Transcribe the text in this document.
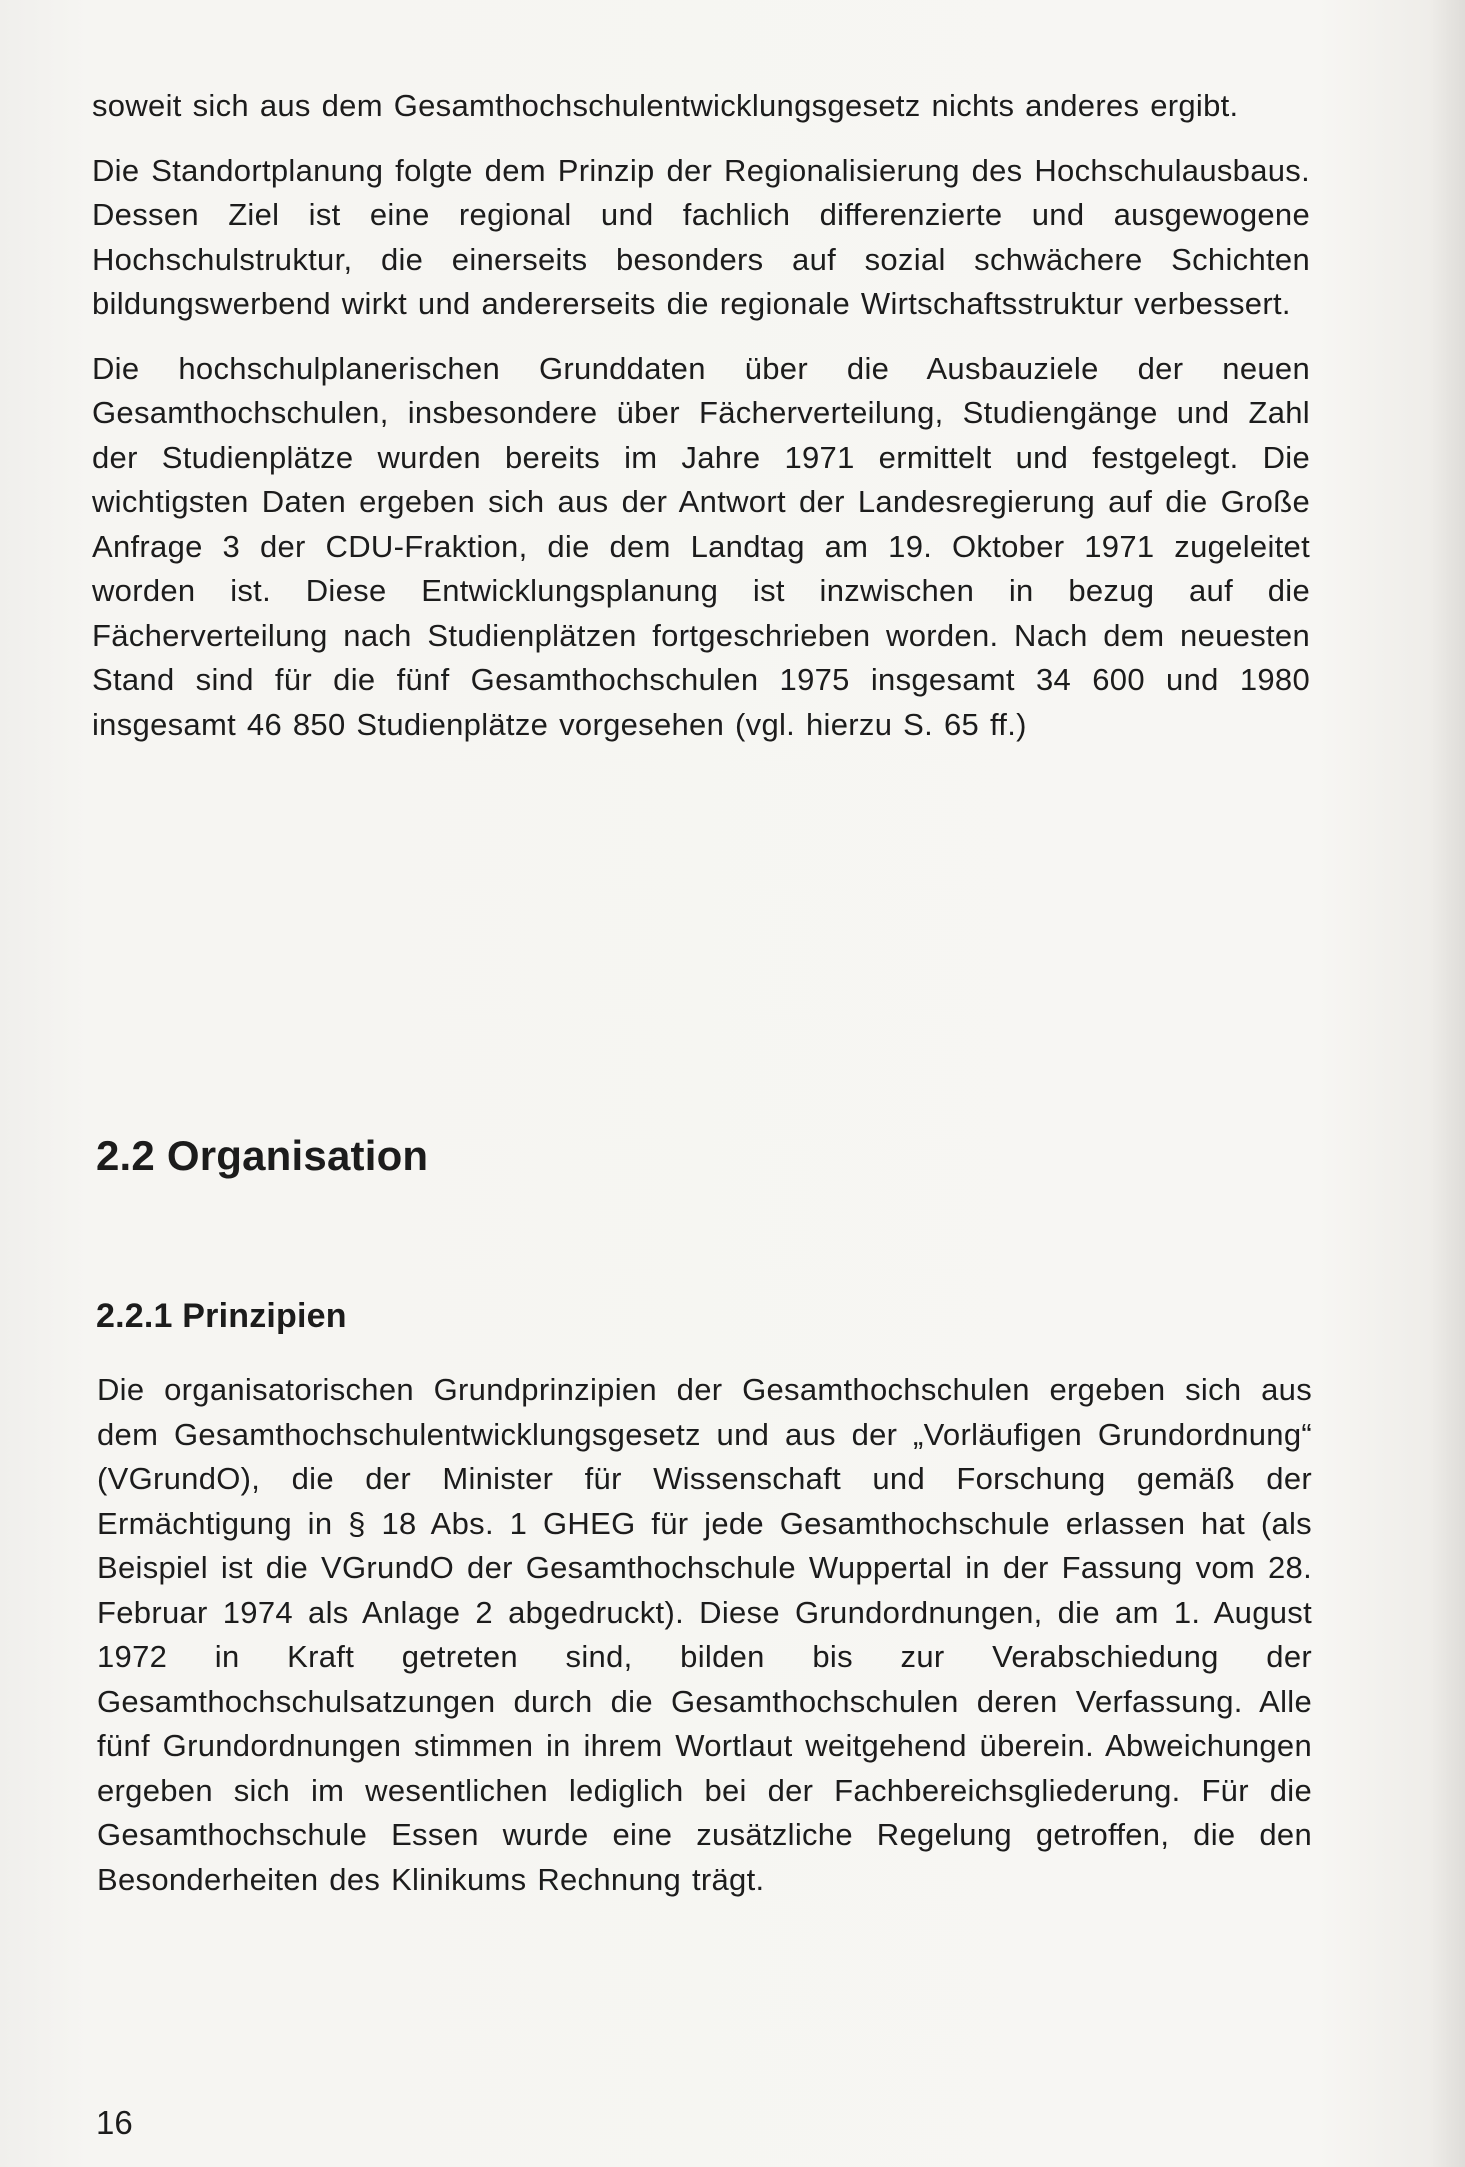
soweit sich aus dem Gesamthochschulentwicklungsgesetz nichts anderes ergibt.

Die Standortplanung folgte dem Prinzip der Regionalisierung des Hochschulausbaus. Dessen Ziel ist eine regional und fachlich differenzierte und ausgewogene Hochschulstruktur, die einerseits besonders auf sozial schwächere Schichten bildungswerbend wirkt und andererseits die regionale Wirtschaftsstruktur verbessert.

Die hochschulplanerischen Grunddaten über die Ausbauziele der neuen Gesamthochschulen, insbesondere über Fächerverteilung, Studiengänge und Zahl der Studienplätze wurden bereits im Jahre 1971 ermittelt und festgelegt. Die wichtigsten Daten ergeben sich aus der Antwort der Landesregierung auf die Große Anfrage 3 der CDU-Fraktion, die dem Landtag am 19. Oktober 1971 zugeleitet worden ist. Diese Entwicklungsplanung ist inzwischen in bezug auf die Fächerverteilung nach Studienplätzen fortgeschrieben worden. Nach dem neuesten Stand sind für die fünf Gesamthochschulen 1975 insgesamt 34 600 und 1980 insgesamt 46 850 Studienplätze vorgesehen (vgl. hierzu S. 65 ff.)

2.2 Organisation
2.2.1 Prinzipien

Die organisatorischen Grundprinzipien der Gesamthochschulen ergeben sich aus dem Gesamthochschulentwicklungsgesetz und aus der „Vorläufigen Grundordnung“ (VGrundO), die der Minister für Wissenschaft und Forschung gemäß der Ermächtigung in § 18 Abs. 1 GHEG für jede Gesamthochschule erlassen hat (als Beispiel ist die VGrundO der Gesamthochschule Wuppertal in der Fassung vom 28. Februar 1974 als Anlage 2 abgedruckt). Diese Grundordnungen, die am 1. August 1972 in Kraft getreten sind, bilden bis zur Verabschiedung der Gesamthochschulsatzungen durch die Gesamthochschulen deren Verfassung. Alle fünf Grundordnungen stimmen in ihrem Wortlaut weitgehend überein. Abweichungen ergeben sich im wesentlichen lediglich bei der Fachbereichsgliederung. Für die Gesamthochschule Essen wurde eine zusätzliche Regelung getroffen, die den Besonderheiten des Klinikums Rechnung trägt.

16
